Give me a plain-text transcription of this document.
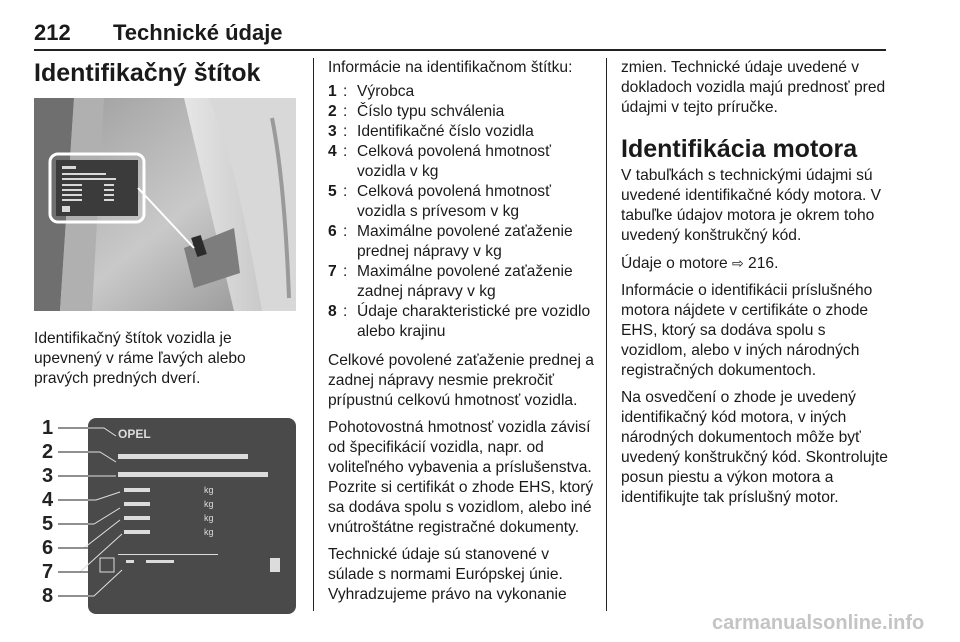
212 Technické údaje
Identifikačný štítok

Identifikačný štítok vozidla je upevnený v ráme ľavých alebo pravých predných dverí.

1
2
3
4
5
6
7
8
OPEL
kg
kg
kg
kg

Informácie na identifikačnom štítku:

1 : Výrobca
2 : Číslo typu schválenia
3 : Identifikačné číslo vozidla
4 : Celková povolená hmotnosť vozidla v kg
5 : Celková povolená hmotnosť vozidla s prívesom v kg
6 : Maximálne povolené zaťaženie prednej nápravy v kg
7 : Maximálne povolené zaťaženie zadnej nápravy v kg
8 : Údaje charakteristické pre vozidlo alebo krajinu

Celkové povolené zaťaženie prednej a zadnej nápravy nesmie prekročiť prípustnú celkovú hmotnosť vozidla.

Pohotovostná hmotnosť vozidla závisí od špecifikácií vozidla, napr. od voliteľného vybavenia a príslušenstva. Pozrite si certifikát o zhode EHS, ktorý sa dodáva spolu s vozidlom, alebo iné vnútroštátne registračné dokumenty.

Technické údaje sú stanovené v súlade s normami Európskej únie. Vyhradzujeme právo na vykonanie

zmien. Technické údaje uvedené v dokladoch vozidla majú prednosť pred údajmi v tejto príručke.

Identifikácia motora

V tabuľkách s technickými údajmi sú uvedené identifikačné kódy motora. V tabuľke údajov motora je okrem toho uvedený konštrukčný kód.

Údaje o motore ⇨ 216.

Informácie o identifikácii príslušného motora nájdete v certifikáte o zhode EHS, ktorý sa dodáva spolu s vozidlom, alebo v iných národných registračných dokumentoch.

Na osvedčení o zhode je uvedený identifikačný kód motora, v iných národných dokumentoch môže byť uvedený konštrukčný kód. Skontrolujte posun piestu a výkon motora a identifikujte tak príslušný motor.

carmanualsonline.info
